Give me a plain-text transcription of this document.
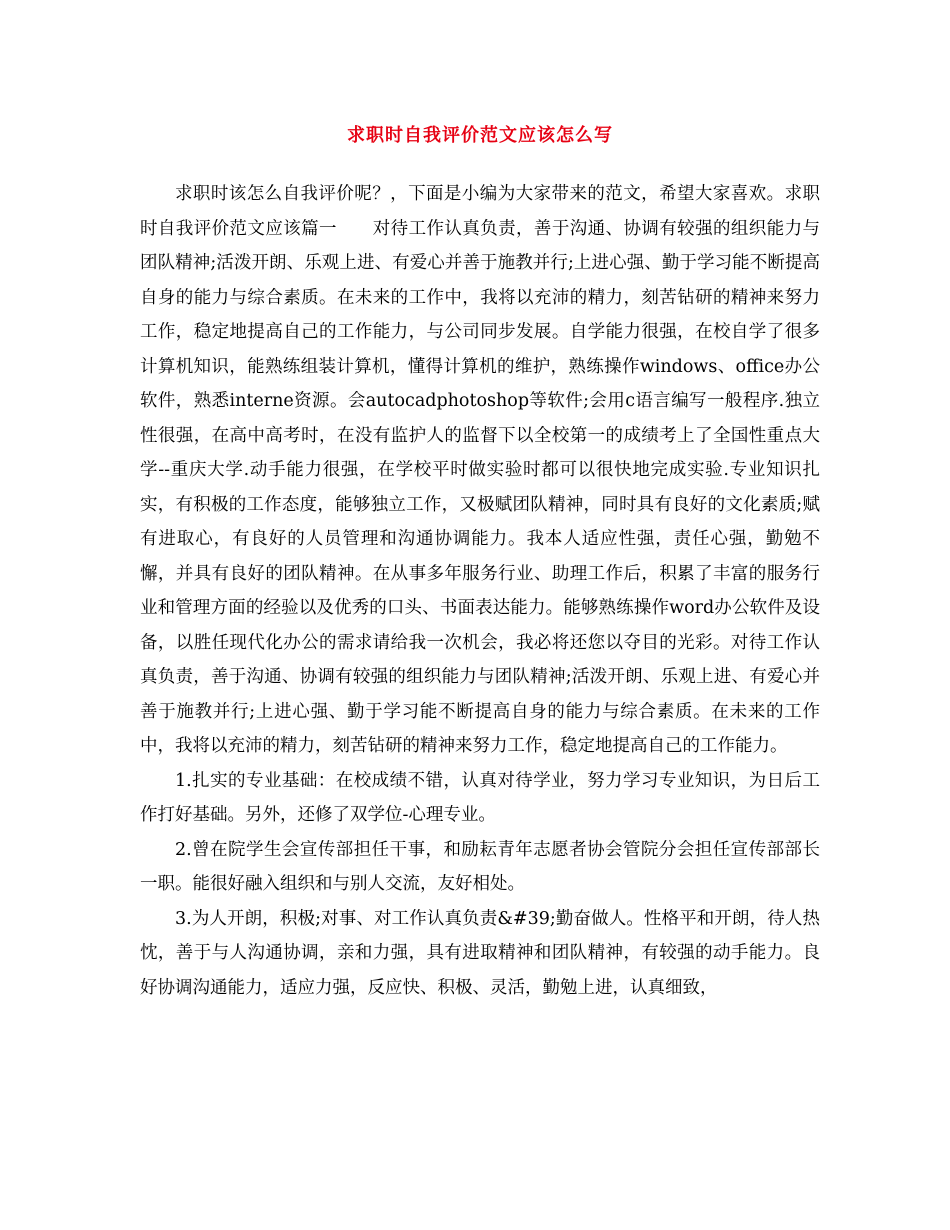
求职时自我评价范文应该怎么写

求职时该怎么自我评价呢？，下面是小编为大家带来的范文，希望大家喜欢。求职时自我评价范文应该篇一　　对待工作认真负责，善于沟通、协调有较强的组织能力与团队精神;活泼开朗、乐观上进、有爱心并善于施教并行;上进心强、勤于学习能不断提高自身的能力与综合素质。在未来的工作中，我将以充沛的精力，刻苦钻研的精神来努力工作，稳定地提高自己的工作能力，与公司同步发展。自学能力很强，在校自学了很多计算机知识，能熟练组装计算机，懂得计算机的维护，熟练操作windows、office办公软件，熟悉interne资源。会autocadphotoshop等软件;会用c语言编写一般程序.独立性很强，在高中高考时，在没有监护人的监督下以全校第一的成绩考上了全国性重点大学--重庆大学.动手能力很强，在学校平时做实验时都可以很快地完成实验.专业知识扎实，有积极的工作态度，能够独立工作，又极赋团队精神，同时具有良好的文化素质;赋有进取心，有良好的人员管理和沟通协调能力。我本人适应性强，责任心强，勤勉不懈，并具有良好的团队精神。在从事多年服务行业、助理工作后，积累了丰富的服务行业和管理方面的经验以及优秀的口头、书面表达能力。能够熟练操作word办公软件及设备，以胜任现代化办公的需求请给我一次机会，我必将还您以夺目的光彩。对待工作认真负责，善于沟通、协调有较强的组织能力与团队精神;活泼开朗、乐观上进、有爱心并善于施教并行;上进心强、勤于学习能不断提高自身的能力与综合素质。在未来的工作中，我将以充沛的精力，刻苦钻研的精神来努力工作，稳定地提高自己的工作能力。

1.扎实的专业基础：在校成绩不错，认真对待学业，努力学习专业知识，为日后工作打好基础。另外，还修了双学位-心理专业。

2.曾在院学生会宣传部担任干事，和励耘青年志愿者协会管院分会担任宣传部部长一职。能很好融入组织和与别人交流，友好相处。

3.为人开朗，积极;对事、对工作认真负责&#39;勤奋做人。性格平和开朗，待人热忱，善于与人沟通协调，亲和力强，具有进取精神和团队精神，有较强的动手能力。良好协调沟通能力，适应力强，反应快、积极、灵活，勤勉上进，认真细致，
